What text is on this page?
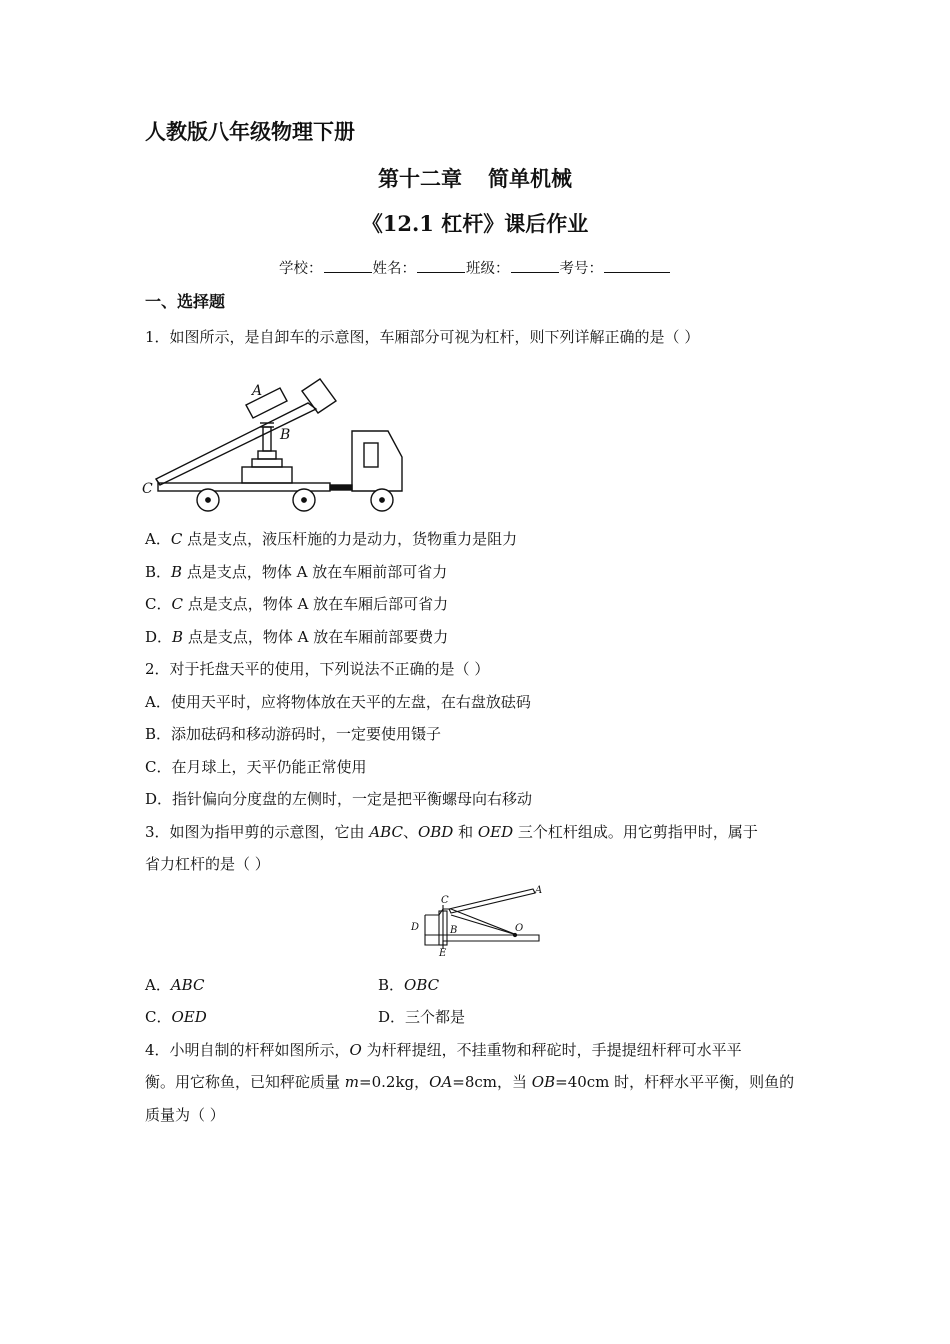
人教版八年级物理下册
第十二章 简单机械
《12.1 杠杆》课后作业
学校：	姓名：	班级：	考号：
一、选择题
1．如图所示，是自卸车的示意图，车厢部分可视为杠杆，则下列详解正确的是（ ）
A
B
C
A．C 点是支点，液压杆施的力是动力，货物重力是阻力
B．B 点是支点，物体 A 放在车厢前部可省力
C．C 点是支点，物体 A 放在车厢后部可省力
D．B 点是支点，物体 A 放在车厢前部要费力
2．对于托盘天平的使用，下列说法不正确的是（ ）
A．使用天平时，应将物体放在天平的左盘，在右盘放砝码
B．添加砝码和移动游码时，一定要使用镊子
C．在月球上，天平仍能正常使用
D．指针偏向分度盘的左侧时，一定是把平衡螺母向右移动
3．如图为指甲剪的示意图，它由 ABC、OBD 和 OED 三个杠杆组成。用它剪指甲时，属于
省力杠杆的是（ ）
C
A
D	B	O
E
A．ABC	B．OBC
C．OED	D．三个都是
4．小明自制的杆秤如图所示，O 为杆秤提纽，不挂重物和秤砣时，手提提纽杆秤可水平平
衡。用它称鱼，已知秤砣质量 m=0.2kg，OA=8cm，当 OB=40cm 时，杆秤水平平衡，则鱼的
质量为（ ）
